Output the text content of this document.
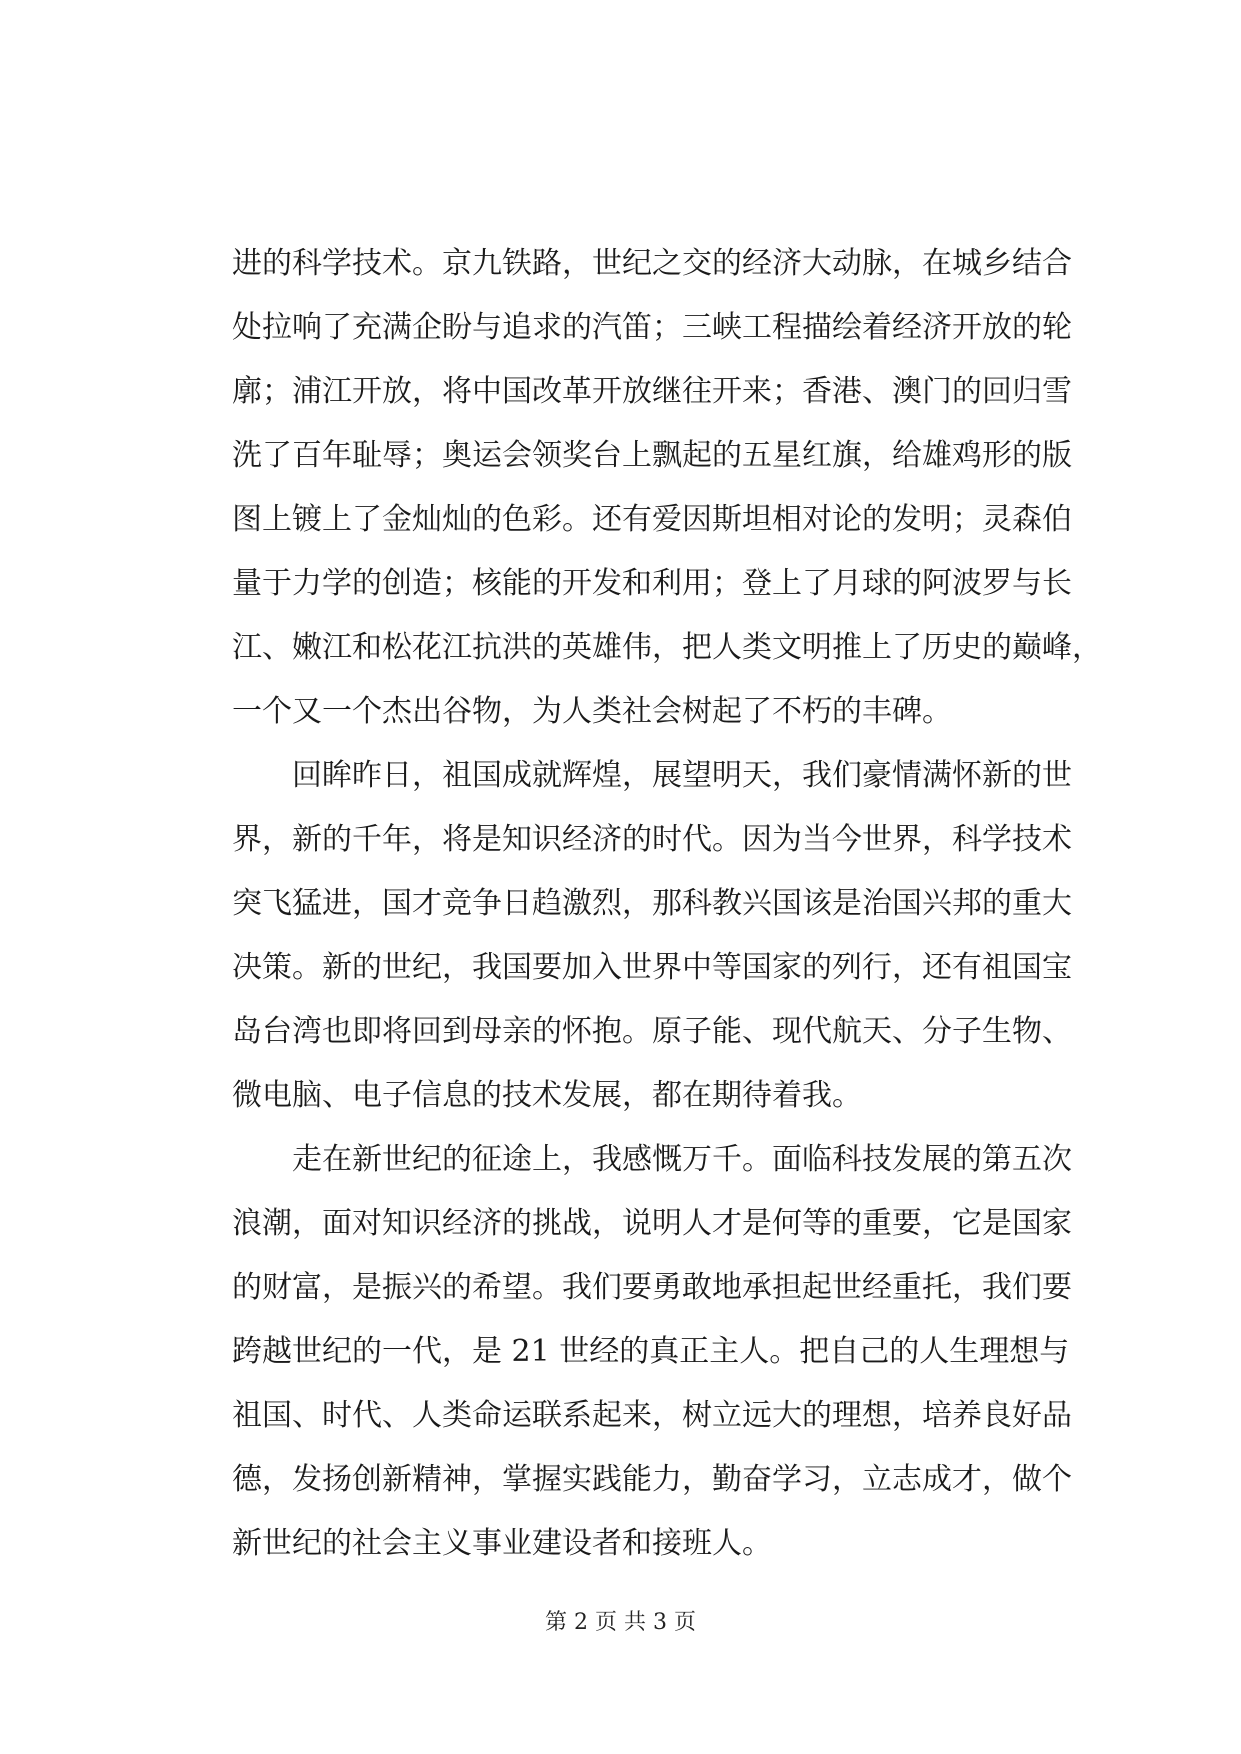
进的科学技术。京九铁路，世纪之交的经济大动脉，在城乡结合
处拉响了充满企盼与追求的汽笛；三峡工程描绘着经济开放的轮
廓；浦江开放，将中国改革开放继往开来；香港、澳门的回归雪
洗了百年耻辱；奥运会领奖台上飘起的五星红旗，给雄鸡形的版
图上镀上了金灿灿的色彩。还有爱因斯坦相对论的发明；灵森伯
量于力学的创造；核能的开发和利用；登上了月球的阿波罗与长
江、嫩江和松花江抗洪的英雄伟，把人类文明推上了历史的巅峰，
一个又一个杰出谷物，为人类社会树起了不朽的丰碑。
回眸昨日，祖国成就辉煌，展望明天，我们豪情满怀新的世
界，新的千年，将是知识经济的时代。因为当今世界，科学技术
突飞猛进，国才竞争日趋激烈，那科教兴国该是治国兴邦的重大
决策。新的世纪，我国要加入世界中等国家的列行，还有祖国宝
岛台湾也即将回到母亲的怀抱。原子能、现代航天、分子生物、
微电脑、电子信息的技术发展，都在期待着我。
走在新世纪的征途上，我感慨万千。面临科技发展的第五次
浪潮，面对知识经济的挑战，说明人才是何等的重要，它是国家
的财富，是振兴的希望。我们要勇敢地承担起世经重托，我们要
跨越世纪的一代，是 21 世经的真正主人。把自己的人生理想与
祖国、时代、人类命运联系起来，树立远大的理想，培养良好品
德，发扬创新精神，掌握实践能力，勤奋学习，立志成才，做个
新世纪的社会主义事业建设者和接班人。
第 2 页 共 3 页
